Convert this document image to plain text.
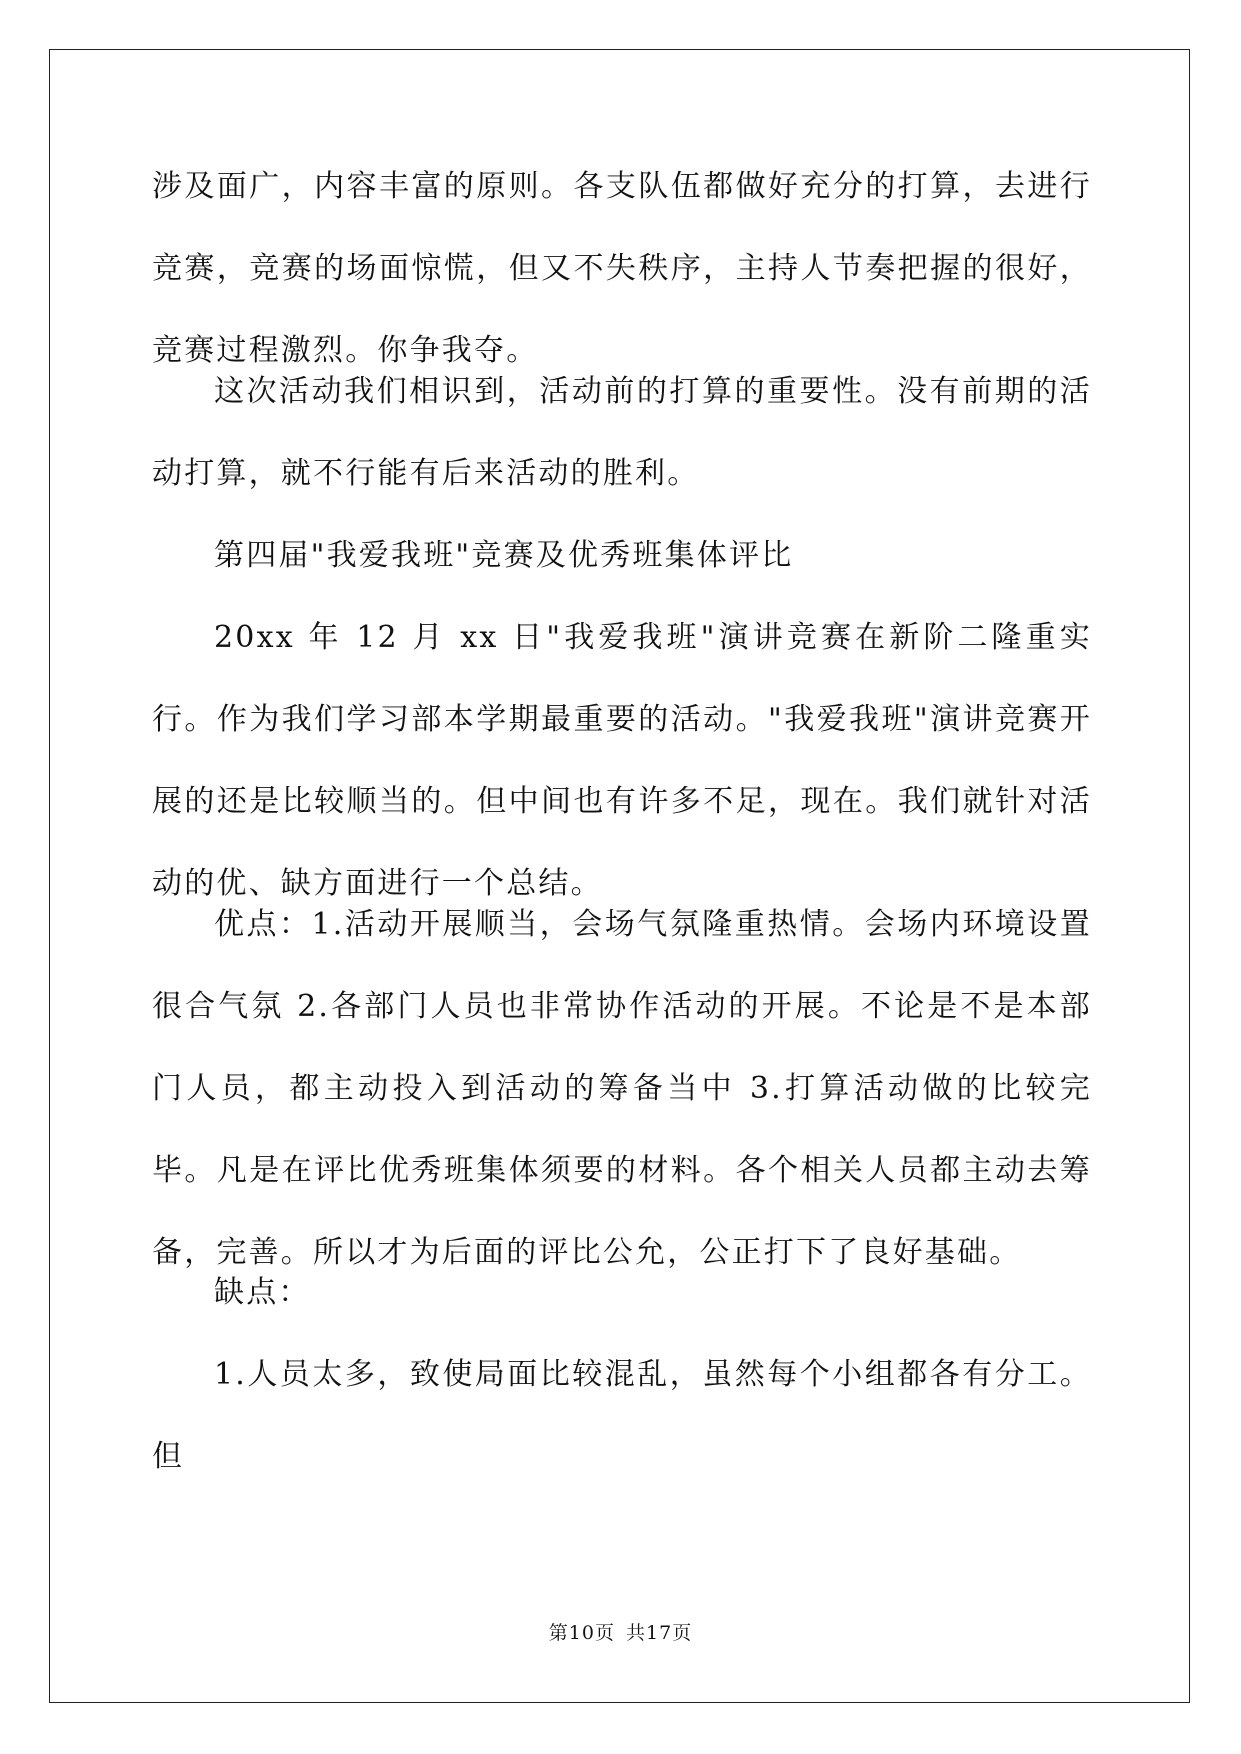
涉及面广，内容丰富的原则。各支队伍都做好充分的打算，去进行竞赛，竞赛的场面惊慌，但又不失秩序，主持人节奏把握的很好，竞赛过程激烈。你争我夺。

这次活动我们相识到，活动前的打算的重要性。没有前期的活动打算，就不行能有后来活动的胜利。

第四届"我爱我班"竞赛及优秀班集体评比

20xx 年 12 月 xx 日"我爱我班"演讲竞赛在新阶二隆重实行。作为我们学习部本学期最重要的活动。"我爱我班"演讲竞赛开展的还是比较顺当的。但中间也有许多不足，现在。我们就针对活动的优、缺方面进行一个总结。

优点：1.活动开展顺当，会场气氛隆重热情。会场内环境设置很合气氛 2.各部门人员也非常协作活动的开展。不论是不是本部门人员，都主动投入到活动的筹备当中 3.打算活动做的比较完毕。凡是在评比优秀班集体须要的材料。各个相关人员都主动去筹备，完善。所以才为后面的评比公允，公正打下了良好基础。

缺点：

1.人员太多，致使局面比较混乱，虽然每个小组都各有分工。但

第10页 共17页
